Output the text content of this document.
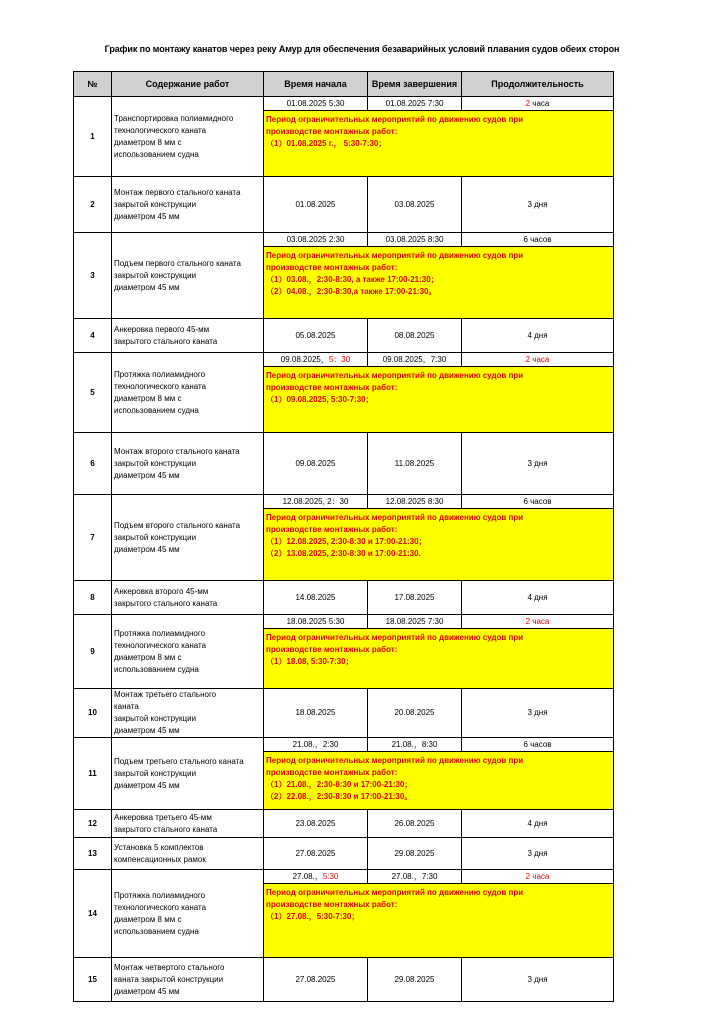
График по монтажу канатов через реку Амур для обеспечения безаварийных условий плавания судов обеих сторон
№	Содержание работ	Время начала	Время завершения	Продолжительность
1	Транспортировка полиамидного
технологического каната
диаметром 8 мм с
использованием судна	01.08.2025 5:30	01.08.2025 7:30	2 часа

		Период ограничительных мероприятий по движению судов при
производстве монтажных работ:
（1）01.08.2025 г.， 5:30-7:30；		

2	Монтаж первого стального каната
закрытой конструкции
диаметром 45 мм	01.08.2025	03.08.2025	3 дня
3	Подъем первого стального каната
закрытой конструкции
диаметром 45 мм	03.08.2025 2:30	03.08.2025 8:30	6 часов

		Период ограничительных мероприятий по движению судов при
производстве монтажных работ:
（1）03.08.，2:30-8:30, а также 17:00-21:30；
（2）04.08.，2:30-8:30,а также 17:00-21:30。		

4	Анкеровка первого 45-мм
закрытого стального каната	05.08.2025	08.08.2025	4 дня
5	Протяжка полиамидного
технологического каната
диаметром 8 мм с
использованием судна	09.08.2025，5：30	09.08.2025，7:30	2 часа

		Период ограничительных мероприятий по движению судов при
производстве монтажных работ:
（1）09.08.2025, 5:30-7:30；		

6	Монтаж второго стального каната
закрытой конструкции
диаметром 45 мм	09.08.2025	11.08.2025	3 дня
7	Подъем второго стального каната
закрытой конструкции
диаметром 45 мм	12.08.2025, 2：30	12.08.2025 8:30	6 часов

		Период ограничительных мероприятий по движению судов при
производстве монтажных работ:
（1）12.08.2025, 2:30-8:30 и 17:00-21:30；
（2）13.08.2025, 2:30-8:30 и 17:00-21:30.		

8	Анкеровка второго 45-мм
закрытого стального каната	14.08.2025	17.08.2025	4 дня
9	Протяжка полиамидного
технологического каната
диаметром 8 мм с
использованием судна	18.08.2025 5:30	18.08.2025 7:30	2 часа

		Период ограничительных мероприятий по движению судов при
производстве монтажных работ:
（1）18.08, 5:30-7:30；		

10	Монтаж третьего стального
каната
закрытой конструкции
диаметром 45 мм	18.08.2025	20.08.2025	3 дня
11	Подъем третьего стального каната
закрытой конструкции
диаметром 45 мм	21.08.，2:30	21.08.，8:30	6 часов

		Период ограничительных мероприятий по движению судов при
производстве монтажных работ:
（1）21.08.，2:30-8:30 и 17:00-21:30；
（2）22.08.，2:30-8:30 и 17:00-21:30。		

12	Анкеровка третьего 45-мм
закрытого стального каната	23.08.2025	26.08.2025	4 дня
13	Установка 5 комплектов
компенсационных рамок	27.08.2025	29.08.2025	3 дня
14	Протяжка полиамидного
технологического каната
диаметром 8 мм с
использованием судна	27.08.，5:30	27.08.，7:30	2 часа

		Период ограничительных мероприятий по движению судов при
производстве монтажных работ:
（1）27.08.，5:30-7:30；		

15	Монтаж четвертого стального
каната закрытой конструкции
диаметром 45 мм	27.08.2025	29.08.2025	3 дня
